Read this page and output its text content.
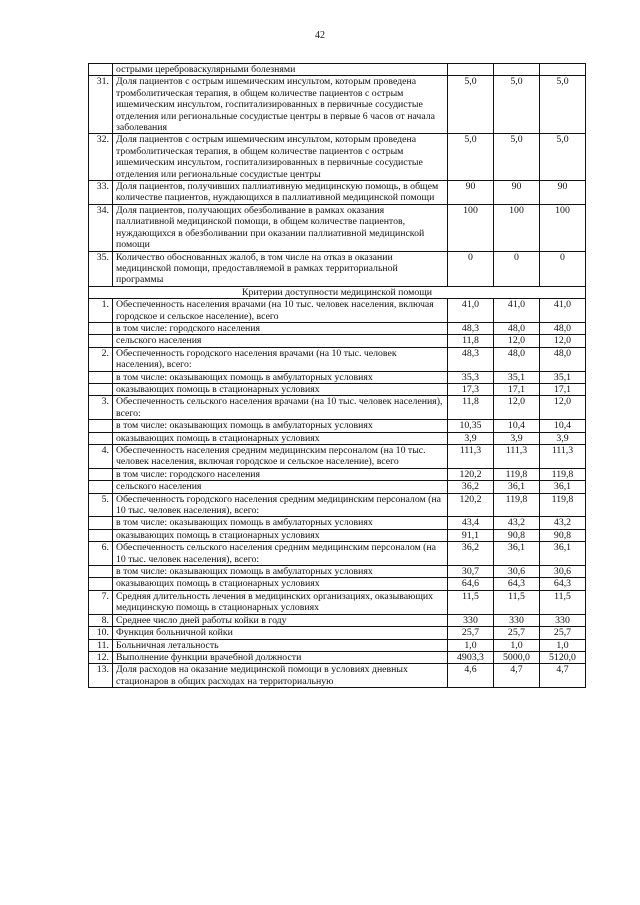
42
	острыми цереброваскулярными болезнями			
31.	Доля пациентов с острым ишемическим инсультом, которым проведена тромболитическая терапия, в общем количестве пациентов с острым ишемическим инсультом, госпитализированных в первичные сосудистые отделения или региональные сосудистые центры в первые 6 часов от начала заболевания	5,0	5,0	5,0
32.	Доля пациентов с острым ишемическим инсультом, которым проведена тромболитическая терапия, в общем количестве пациентов с острым ишемическим инсультом, госпитализированных в первичные сосудистые отделения или региональные сосудистые центры	5,0	5,0	5,0
33.	Доля пациентов, получивших паллиативную медицинскую помощь, в общем количестве пациентов, нуждающихся в паллиативной медицинской помощи	90	90	90
34.	Доля пациентов, получающих обезболивание в рамках оказания паллиативной медицинской помощи, в общем количестве пациентов, нуждающихся в обезболивании при оказании паллиативной медицинской помощи	100	100	100
35.	Количество обоснованных жалоб, в том числе на отказ в оказании медицинской помощи, предоставляемой в рамках территориальной программы	0	0	0
Критерии доступности медицинской помощи				
1.	Обеспеченность населения врачами (на 10 тыс. человек населения, включая городское и сельское население), всего	41,0	41,0	41,0
	в том числе: городского населения	48,3	48,0	48,0
	сельского населения	11,8	12,0	12,0
2.	Обеспеченность городского населения врачами (на 10 тыс. человек населения), всего:	48,3	48,0	48,0
	в том числе: оказывающих помощь в амбулаторных условиях	35,3	35,1	35,1
	оказывающих помощь в стационарных условиях	17,3	17,1	17,1
3.	Обеспеченность сельского населения врачами (на 10 тыс. человек населения), всего:	11,8	12,0	12,0
	в том числе: оказывающих помощь в амбулаторных условиях	10,35	10,4	10,4
	оказывающих помощь в стационарных условиях	3,9	3,9	3,9
4.	Обеспеченность населения средним медицинским персоналом (на 10 тыс. человек населения, включая городское и сельское население), всего	111,3	111,3	111,3
	в том числе: городского населения	120,2	119,8	119,8
	сельского населения	36,2	36,1	36,1
5.	Обеспеченность городского населения средним медицинским персоналом (на 10 тыс. человек населения), всего:	120,2	119,8	119,8
	в том числе: оказывающих помощь в амбулаторных условиях	43,4	43,2	43,2
	оказывающих помощь в стационарных условиях	91,1	90,8	90,8
6.	Обеспеченность сельского населения средним медицинским персоналом (на 10 тыс. человек населения), всего:	36,2	36,1	36,1
	в том числе: оказывающих помощь в амбулаторных условиях	30,7	30,6	30,6
	оказывающих помощь в стационарных условиях	64,6	64,3	64,3
7.	Средняя длительность лечения в медицинских организациях, оказывающих медицинскую помощь в стационарных условиях	11,5	11,5	11,5
8.	Среднее число дней работы койки в году	330	330	330
10.	Функция больничной койки	25,7	25,7	25,7
11.	Больничная летальность	1,0	1,0	1,0
12.	Выполнение функции врачебной должности	4903,3	5000,0	5120,0
13.	Доля расходов на оказание медицинской помощи в условиях дневных стационаров в общих расходах на территориальную	4,6	4,7	4,7
